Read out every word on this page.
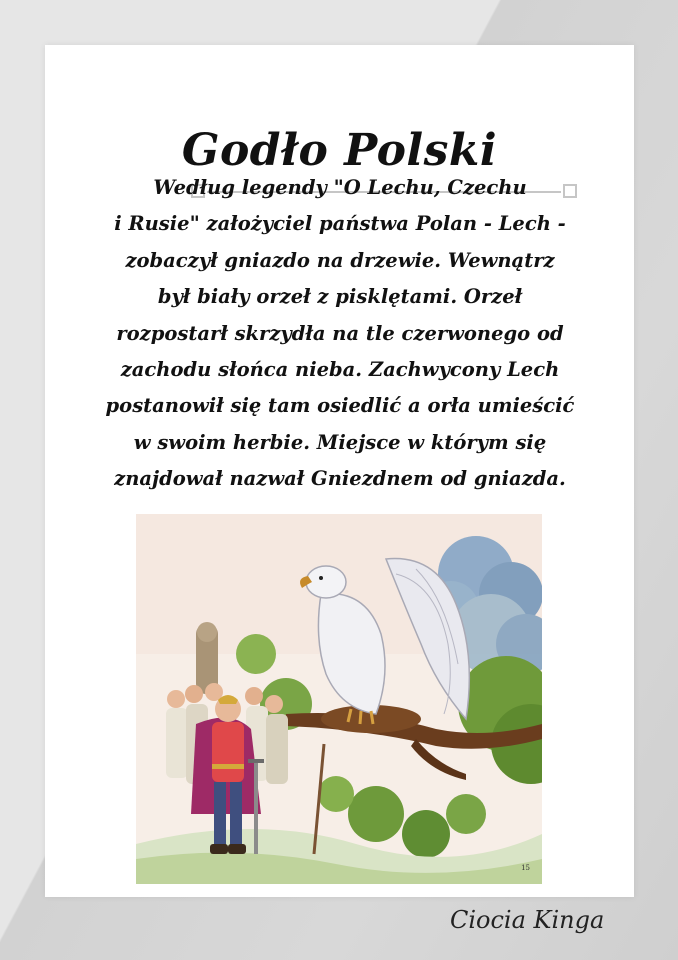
Godło Polski
Według legendy "O Lechu, Czechu
i Rusie" założyciel państwa Polan - Lech -
zobaczył gniazdo na drzewie. Wewnątrz
był biały orzeł z pisklętami. Orzeł
rozpostarł skrzydła na tle czerwonego od
zachodu słońca nieba. Zachwycony Lech
postanowił się tam osiedlić a orła umieścić
w swoim herbie. Miejsce w którym się
znajdował nazwał Gniezdnem od gniazda.
15
Ciocia Kinga
